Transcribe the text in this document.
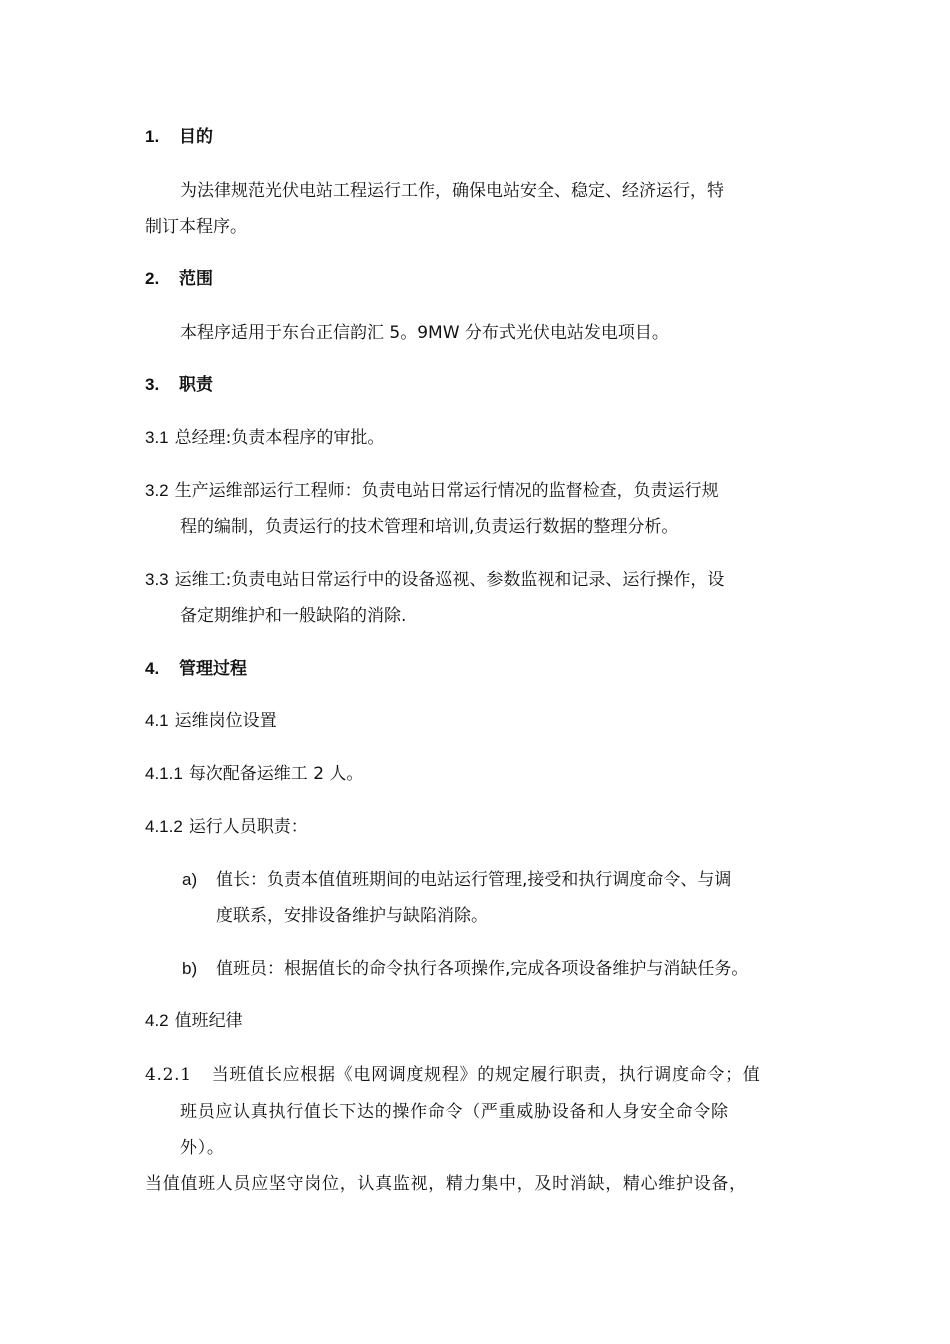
1. 目的
为法律规范光伏电站工程运行工作，确保电站安全、稳定、经济运行，特
制订本程序。
2. 范围
本程序适用于东台正信韵汇 5。9MW 分布式光伏电站发电项目。
3. 职责
3.1 总经理:负责本程序的审批。
3.2 生产运维部运行工程师：负责电站日常运行情况的监督检查，负责运行规
程的编制，负责运行的技术管理和培训,负责运行数据的整理分析。
3.3 运维工:负责电站日常运行中的设备巡视、参数监视和记录、运行操作，设
备定期维护和一般缺陷的消除.
4. 管理过程
4.1 运维岗位设置
4.1.1 每次配备运维工 2 人。
4.1.2 运行人员职责：
a) 值长：负责本值值班期间的电站运行管理,接受和执行调度命令、与调
度联系，安排设备维护与缺陷消除。
b) 值班员：根据值长的命令执行各项操作,完成各项设备维护与消缺任务。
4.2 值班纪律
4.2.1 当班值长应根据《电网调度规程》的规定履行职责，执行调度命令；值
班员应认真执行值长下达的操作命令（严重威胁设备和人身安全命令除
外）。
当值值班人员应坚守岗位，认真监视，精力集中，及时消缺，精心维护设备，
